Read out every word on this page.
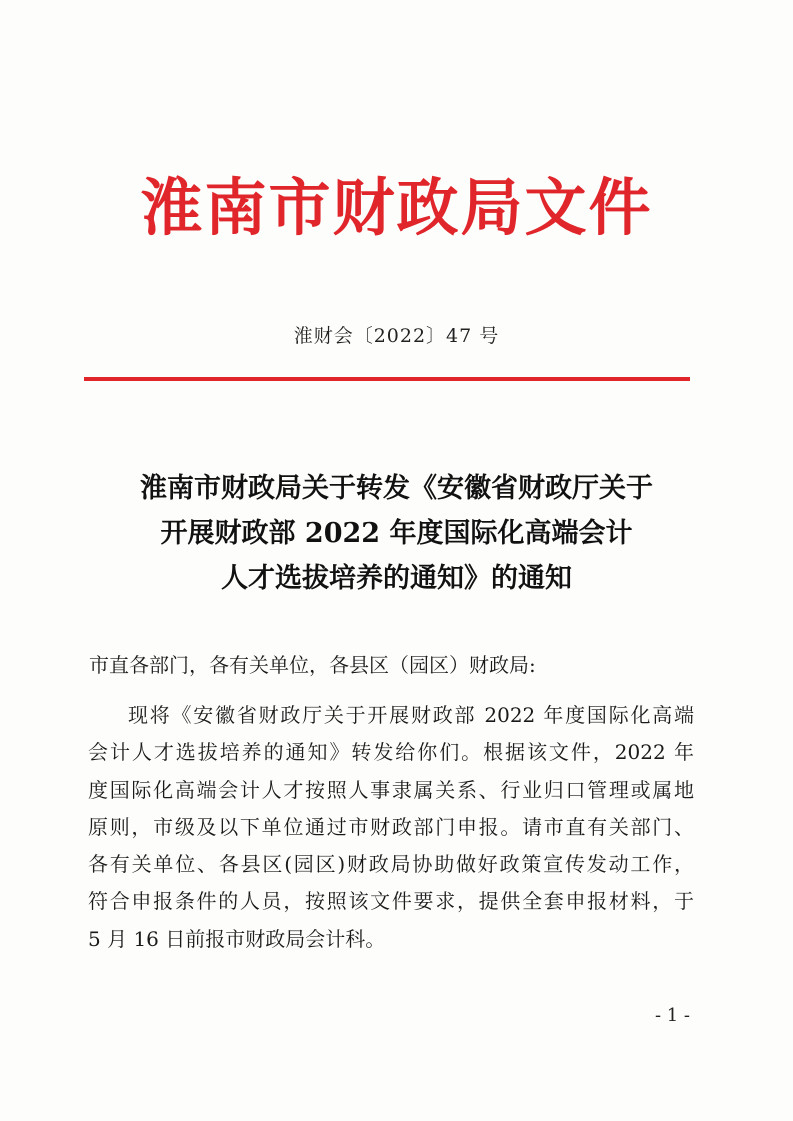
淮南市财政局文件
淮财会〔2022〕47 号
淮南市财政局关于转发《安徽省财政厅关于
开展财政部 2022 年度国际化高端会计
人才选拔培养的通知》的通知
市直各部门，各有关单位，各县区（园区）财政局:
现将《安徽省财政厅关于开展财政部 2022 年度国际化高端
会计人才选拔培养的通知》转发给你们。根据该文件，2022 年
度国际化高端会计人才按照人事隶属关系、行业归口管理或属地
原则，市级及以下单位通过市财政部门申报。请市直有关部门、
各有关单位、各县区(园区)财政局协助做好政策宣传发动工作，
符合申报条件的人员，按照该文件要求，提供全套申报材料，于
5 月 16 日前报市财政局会计科。
- 1 -
